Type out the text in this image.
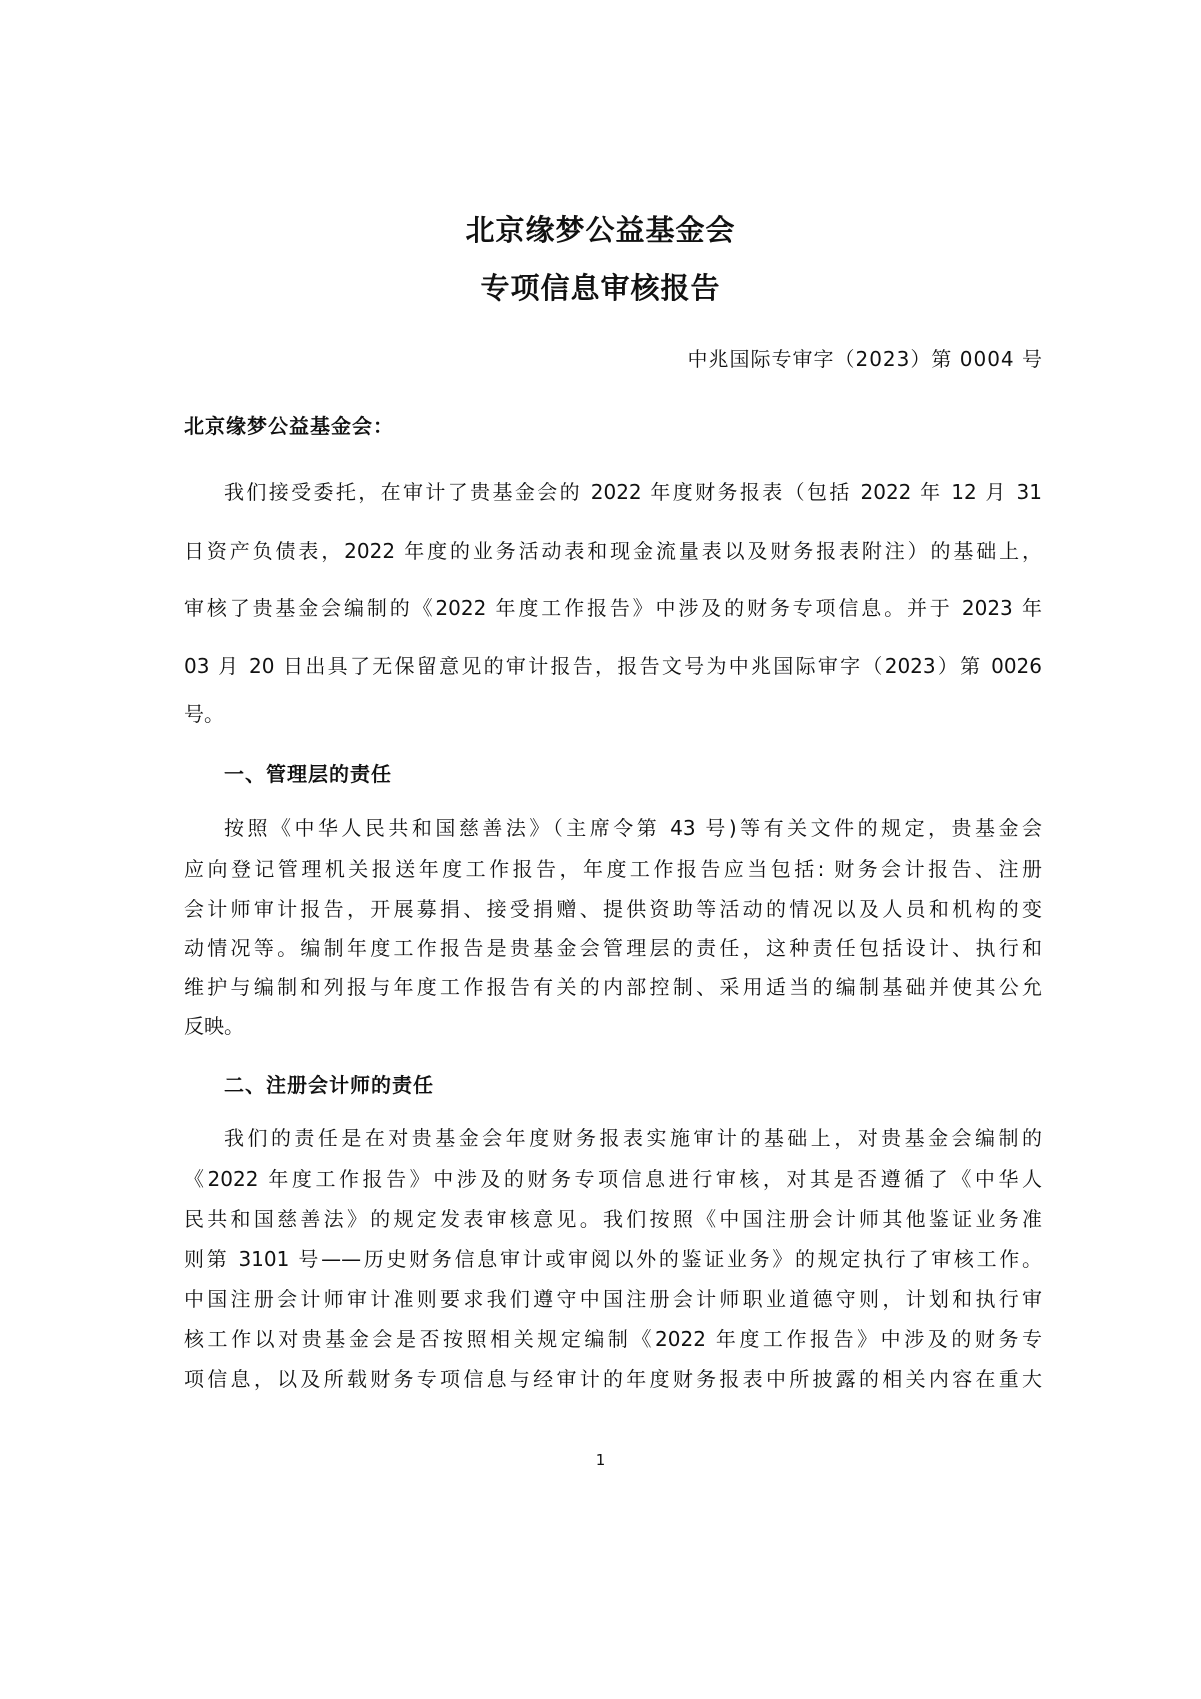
北京缘梦公益基金会
专项信息审核报告

中兆国际专审字（2023）第 0004 号

北京缘梦公益基金会：

我们接受委托，在审计了贵基金会的 2022 年度财务报表（包括 2022 年 12 月 31

日资产负债表，2022 年度的业务活动表和现金流量表以及财务报表附注）的基础上，

审核了贵基金会编制的《2022 年度工作报告》中涉及的财务专项信息。并于 2023 年

03 月 20 日出具了无保留意见的审计报告，报告文号为中兆国际审字（2023）第 0026

号。

一、管理层的责任

按照《中华人民共和国慈善法》（主席令第 43 号)等有关文件的规定，贵基金会

应向登记管理机关报送年度工作报告，年度工作报告应当包括: 财务会计报告、注册

会计师审计报告，开展募捐、接受捐赠、提供资助等活动的情况以及人员和机构的变

动情况等。编制年度工作报告是贵基金会管理层的责任，这种责任包括设计、执行和

维护与编制和列报与年度工作报告有关的内部控制、采用适当的编制基础并使其公允

反映。

二、注册会计师的责任

我们的责任是在对贵基金会年度财务报表实施审计的基础上，对贵基金会编制的

《2022 年度工作报告》中涉及的财务专项信息进行审核，对其是否遵循了《中华人

民共和国慈善法》的规定发表审核意见。我们按照《中国注册会计师其他鉴证业务准

则第 3101 号——历史财务信息审计或审阅以外的鉴证业务》的规定执行了审核工作。

中国注册会计师审计准则要求我们遵守中国注册会计师职业道德守则，计划和执行审

核工作以对贵基金会是否按照相关规定编制《2022 年度工作报告》中涉及的财务专

项信息，以及所载财务专项信息与经审计的年度财务报表中所披露的相关内容在重大

1
